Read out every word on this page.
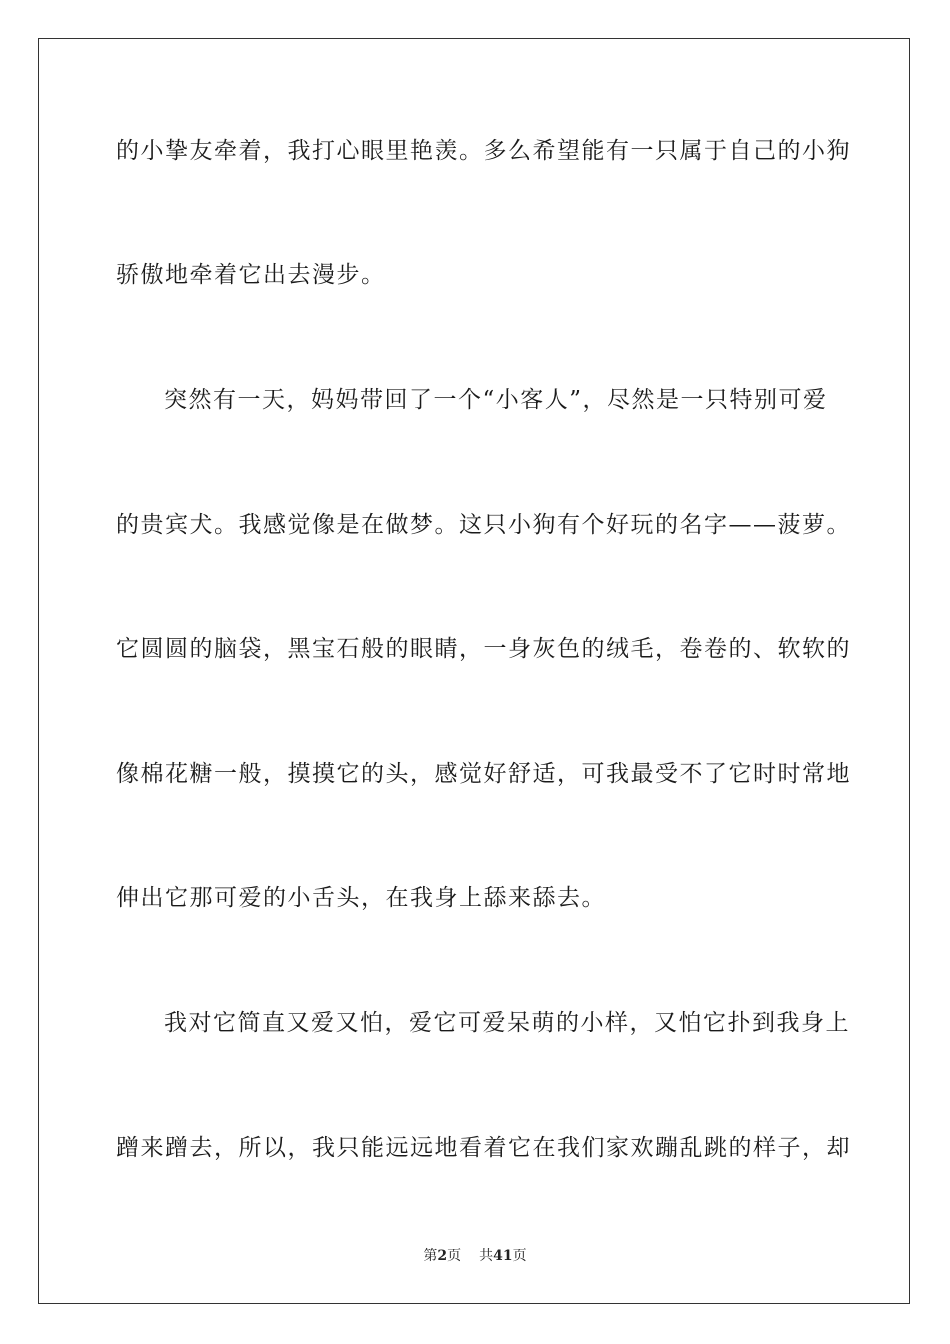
的小挚友牵着，我打心眼里艳羡。多么希望能有一只属于自己的小狗
骄傲地牵着它出去漫步。
突然有一天，妈妈带回了一个“小客人”，尽然是一只特别可爱
的贵宾犬。我感觉像是在做梦。这只小狗有个好玩的名字——菠萝。
它圆圆的脑袋，黑宝石般的眼睛，一身灰色的绒毛，卷卷的、软软的
像棉花糖一般，摸摸它的头，感觉好舒适，可我最受不了它时时常地
伸出它那可爱的小舌头，在我身上舔来舔去。
我对它简直又爱又怕，爱它可爱呆萌的小样，又怕它扑到我身上
蹭来蹭去，所以，我只能远远地看着它在我们家欢蹦乱跳的样子，却
第2页 共41页
